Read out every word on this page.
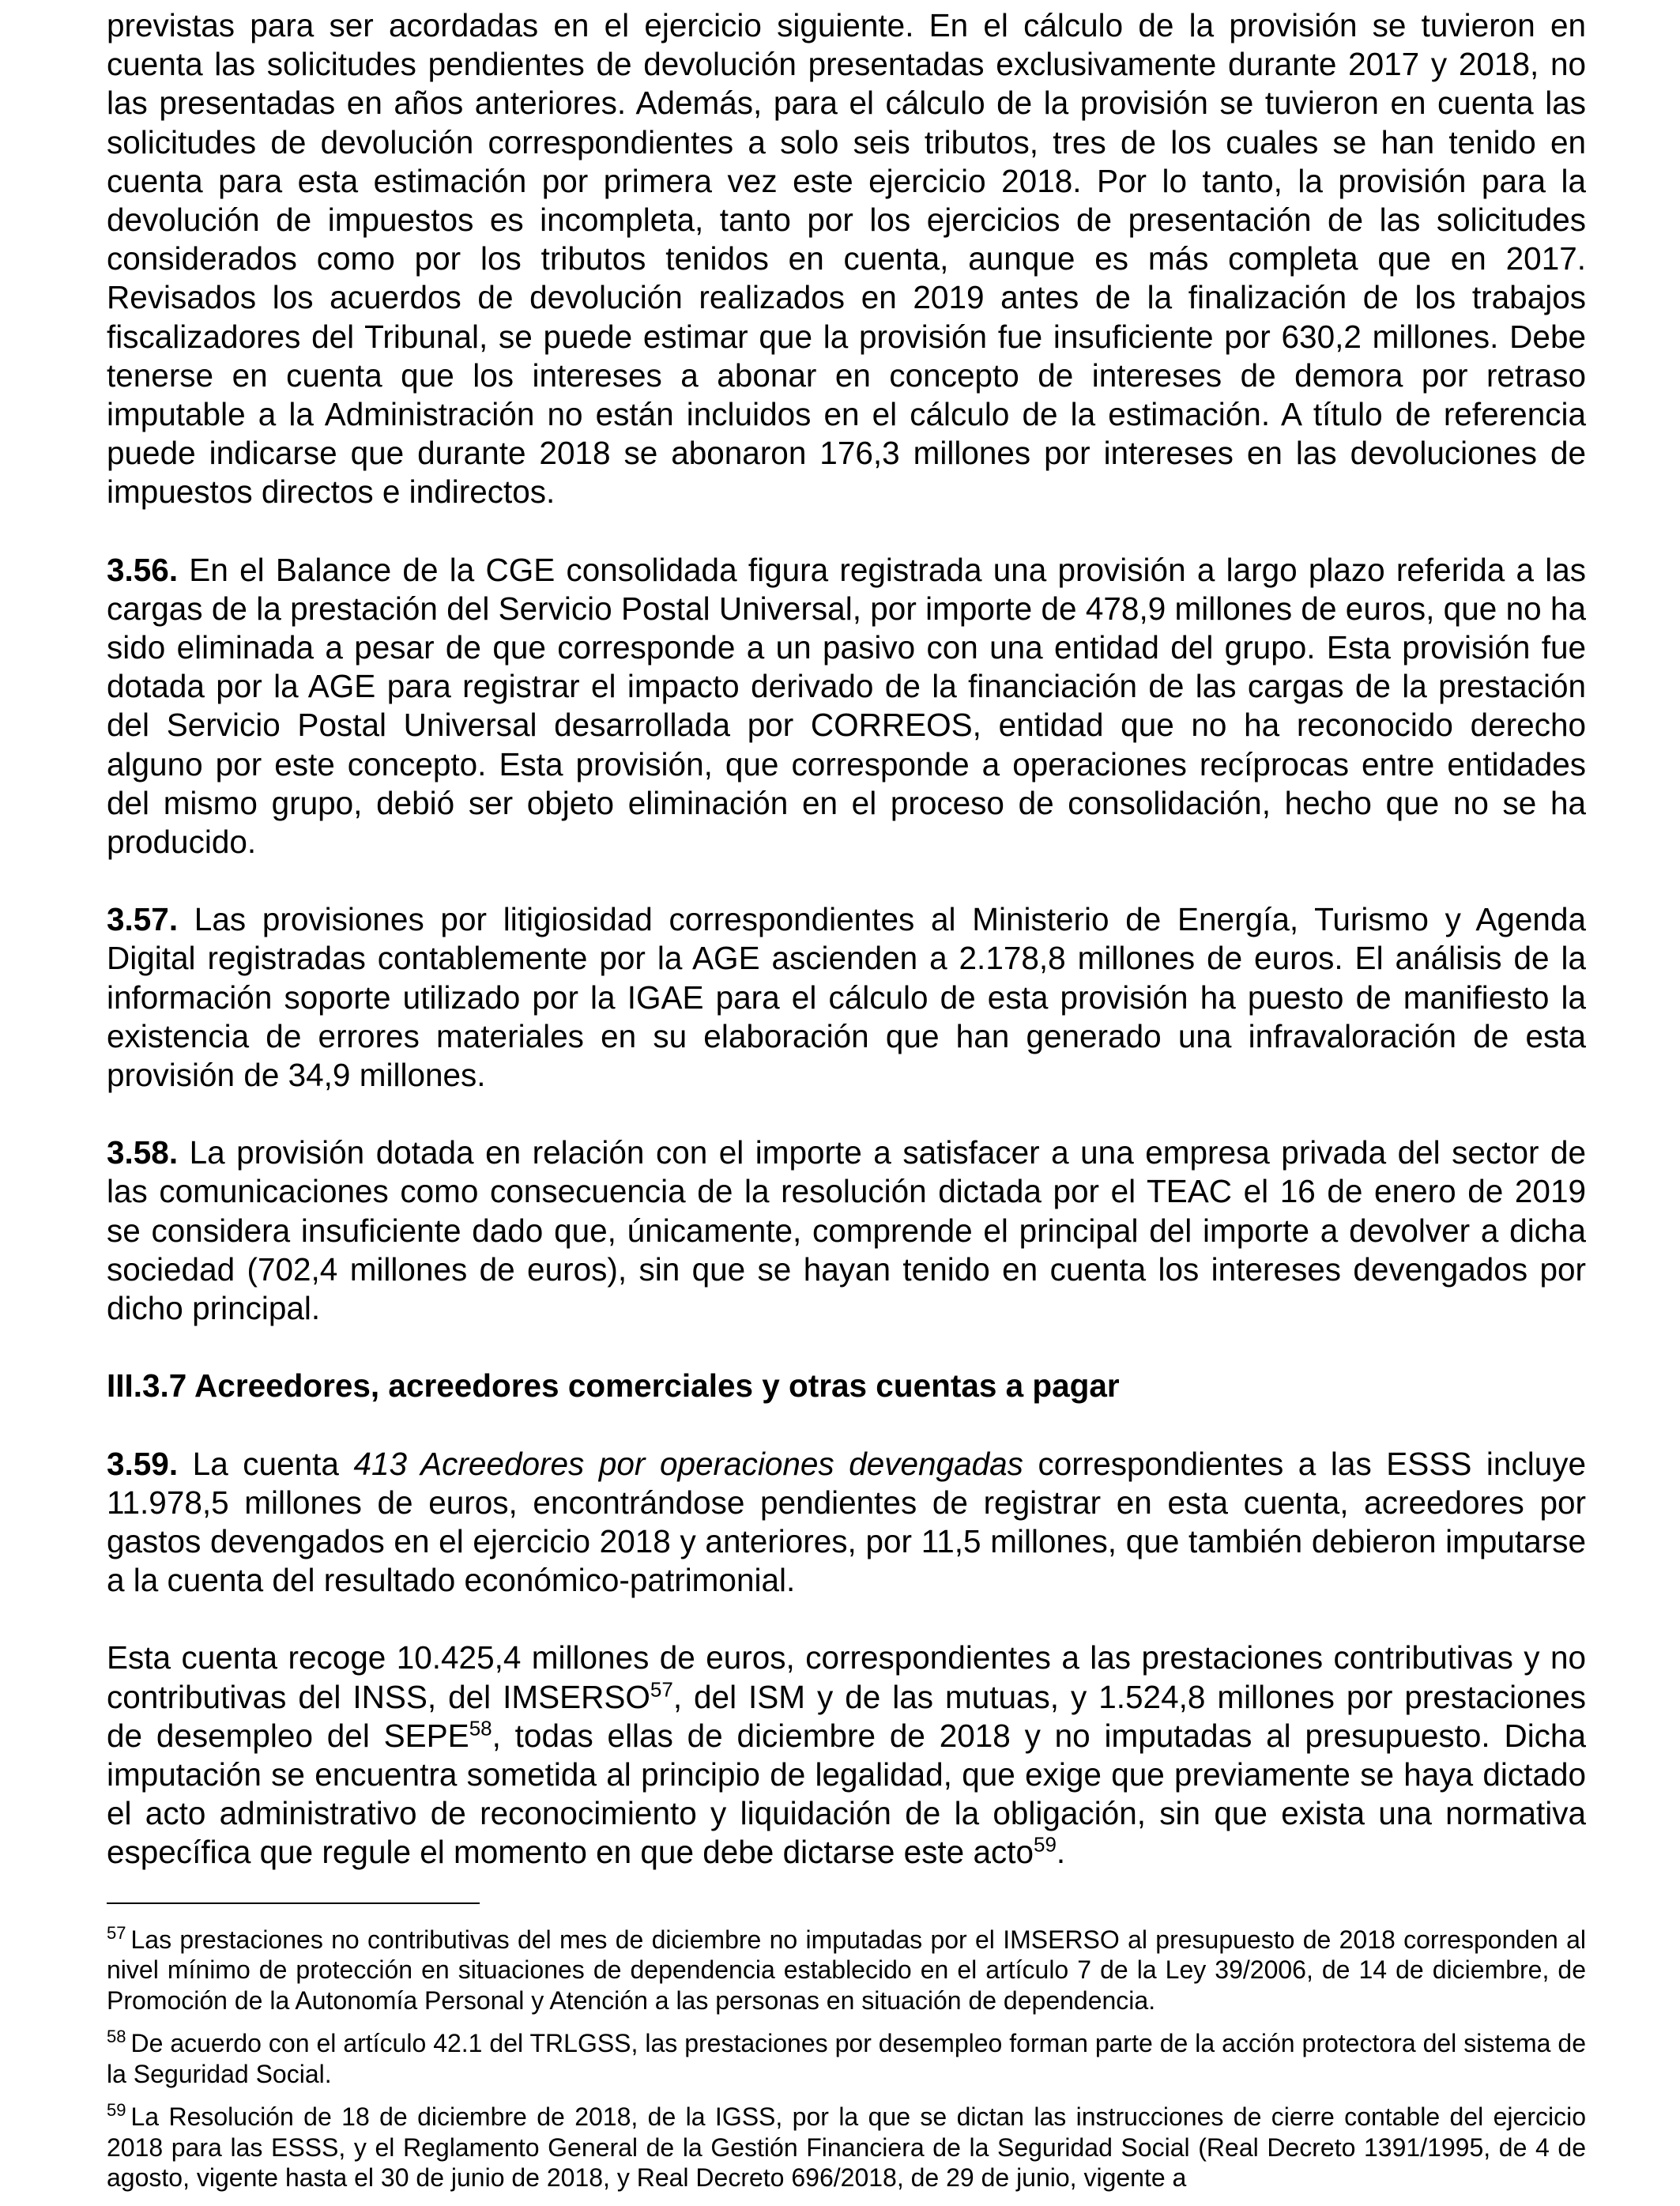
previstas para ser acordadas en el ejercicio siguiente. En el cálculo de la provisión se tuvieron en cuenta las solicitudes pendientes de devolución presentadas exclusivamente durante 2017 y 2018, no las presentadas en años anteriores. Además, para el cálculo de la provisión se tuvieron en cuenta las solicitudes de devolución correspondientes a solo seis tributos, tres de los cuales se han tenido en cuenta para esta estimación por primera vez este ejercicio 2018. Por lo tanto, la provisión para la devolución de impuestos es incompleta, tanto por los ejercicios de presentación de las solicitudes considerados como por los tributos tenidos en cuenta, aunque es más completa que en 2017. Revisados los acuerdos de devolución realizados en 2019 antes de la finalización de los trabajos fiscalizadores del Tribunal, se puede estimar que la provisión fue insuficiente por 630,2 millones. Debe tenerse en cuenta que los intereses a abonar en concepto de intereses de demora por retraso imputable a la Administración no están incluidos en el cálculo de la estimación. A título de referencia puede indicarse que durante 2018 se abonaron 176,3 millones por intereses en las devoluciones de impuestos directos e indirectos.

3.56. En el Balance de la CGE consolidada figura registrada una provisión a largo plazo referida a las cargas de la prestación del Servicio Postal Universal, por importe de 478,9 millones de euros, que no ha sido eliminada a pesar de que corresponde a un pasivo con una entidad del grupo. Esta provisión fue dotada por la AGE para registrar el impacto derivado de la financiación de las cargas de la prestación del Servicio Postal Universal desarrollada por CORREOS, entidad que no ha reconocido derecho alguno por este concepto. Esta provisión, que corresponde a operaciones recíprocas entre entidades del mismo grupo, debió ser objeto eliminación en el proceso de consolidación, hecho que no se ha producido.

3.57. Las provisiones por litigiosidad correspondientes al Ministerio de Energía, Turismo y Agenda Digital registradas contablemente por la AGE ascienden a 2.178,8 millones de euros. El análisis de la información soporte utilizado por la IGAE para el cálculo de esta provisión ha puesto de manifiesto la existencia de errores materiales en su elaboración que han generado una infravaloración de esta provisión de 34,9 millones.

3.58. La provisión dotada en relación con el importe a satisfacer a una empresa privada del sector de las comunicaciones como consecuencia de la resolución dictada por el TEAC el 16 de enero de 2019 se considera insuficiente dado que, únicamente, comprende el principal del importe a devolver a dicha sociedad (702,4 millones de euros), sin que se hayan tenido en cuenta los intereses devengados por dicho principal.

III.3.7 Acreedores, acreedores comerciales y otras cuentas a pagar

3.59. La cuenta 413 Acreedores por operaciones devengadas correspondientes a las ESSS incluye 11.978,5 millones de euros, encontrándose pendientes de registrar en esta cuenta, acreedores por gastos devengados en el ejercicio 2018 y anteriores, por 11,5 millones, que también debieron imputarse a la cuenta del resultado económico-patrimonial.

Esta cuenta recoge 10.425,4 millones de euros, correspondientes a las prestaciones contributivas y no contributivas del INSS, del IMSERSO$^{57}$, del ISM y de las mutuas, y 1.524,8 millones por prestaciones de desempleo del SEPE$^{58}$, todas ellas de diciembre de 2018 y no imputadas al presupuesto. Dicha imputación se encuentra sometida al principio de legalidad, que exige que previamente se haya dictado el acto administrativo de reconocimiento y liquidación de la obligación, sin que exista una normativa específica que regule el momento en que debe dictarse este acto$^{59}$.

$^{57}$ Las prestaciones no contributivas del mes de diciembre no imputadas por el IMSERSO al presupuesto de 2018 corresponden al nivel mínimo de protección en situaciones de dependencia establecido en el artículo 7 de la Ley 39/2006, de 14 de diciembre, de Promoción de la Autonomía Personal y Atención a las personas en situación de dependencia.

$^{58}$ De acuerdo con el artículo 42.1 del TRLGSS, las prestaciones por desempleo forman parte de la acción protectora del sistema de la Seguridad Social.

$^{59}$ La Resolución de 18 de diciembre de 2018, de la IGSS, por la que se dictan las instrucciones de cierre contable del ejercicio 2018 para las ESSS, y el Reglamento General de la Gestión Financiera de la Seguridad Social (Real Decreto 1391/1995, de 4 de agosto, vigente hasta el 30 de junio de 2018, y Real Decreto 696/2018, de 29 de junio, vigente a
